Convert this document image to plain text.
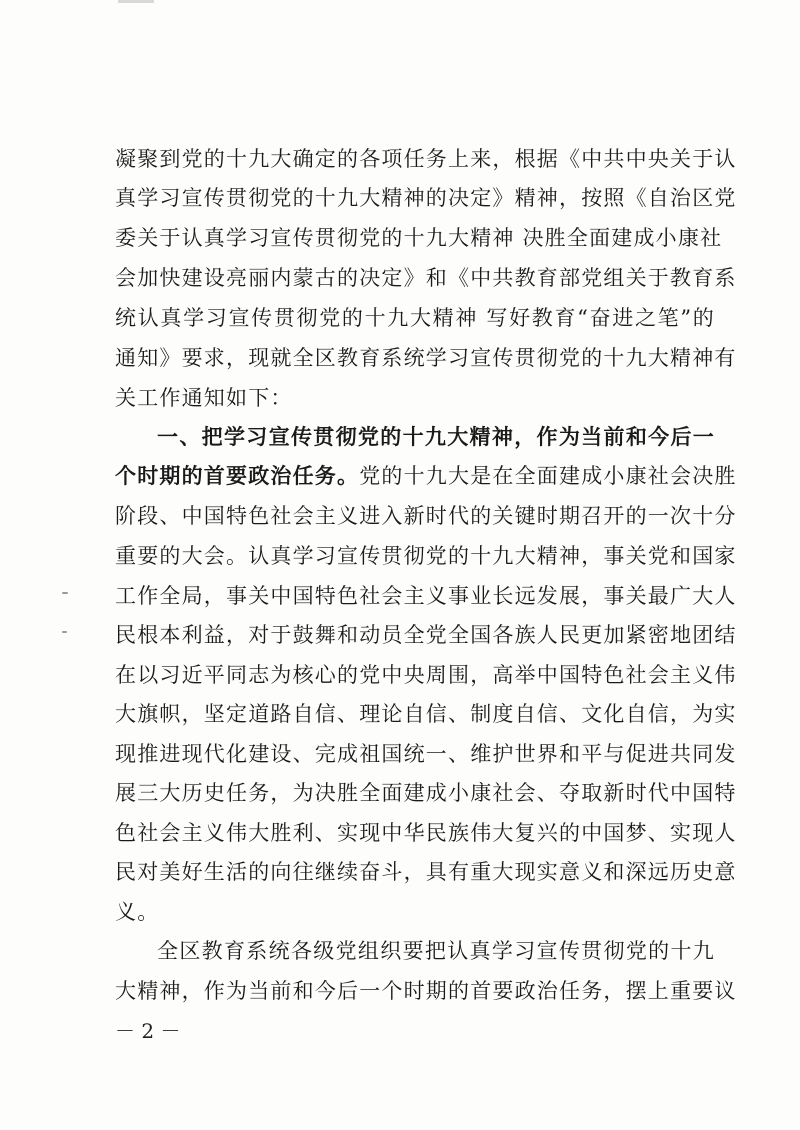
凝聚到党的十九大确定的各项任务上来，根据《中共中央关于认
真学习宣传贯彻党的十九大精神的决定》精神，按照《自治区党
委关于认真学习宣传贯彻党的十九大精神 决胜全面建成小康社
会加快建设亮丽内蒙古的决定》和《中共教育部党组关于教育系
统认真学习宣传贯彻党的十九大精神 写好教育“奋进之笔”的
通知》要求，现就全区教育系统学习宣传贯彻党的十九大精神有
关工作通知如下：
一、把学习宣传贯彻党的十九大精神，作为当前和今后一
个时期的首要政治任务。党的十九大是在全面建成小康社会决胜
阶段、中国特色社会主义进入新时代的关键时期召开的一次十分
重要的大会。认真学习宣传贯彻党的十九大精神，事关党和国家
工作全局，事关中国特色社会主义事业长远发展，事关最广大人
民根本利益，对于鼓舞和动员全党全国各族人民更加紧密地团结
在以习近平同志为核心的党中央周围，高举中国特色社会主义伟
大旗帜，坚定道路自信、理论自信、制度自信、文化自信，为实
现推进现代化建设、完成祖国统一、维护世界和平与促进共同发
展三大历史任务，为决胜全面建成小康社会、夺取新时代中国特
色社会主义伟大胜利、实现中华民族伟大复兴的中国梦、实现人
民对美好生活的向往继续奋斗，具有重大现实意义和深远历史意
义。
全区教育系统各级党组织要把认真学习宣传贯彻党的十九
大精神，作为当前和今后一个时期的首要政治任务，摆上重要议
－ 2 －
